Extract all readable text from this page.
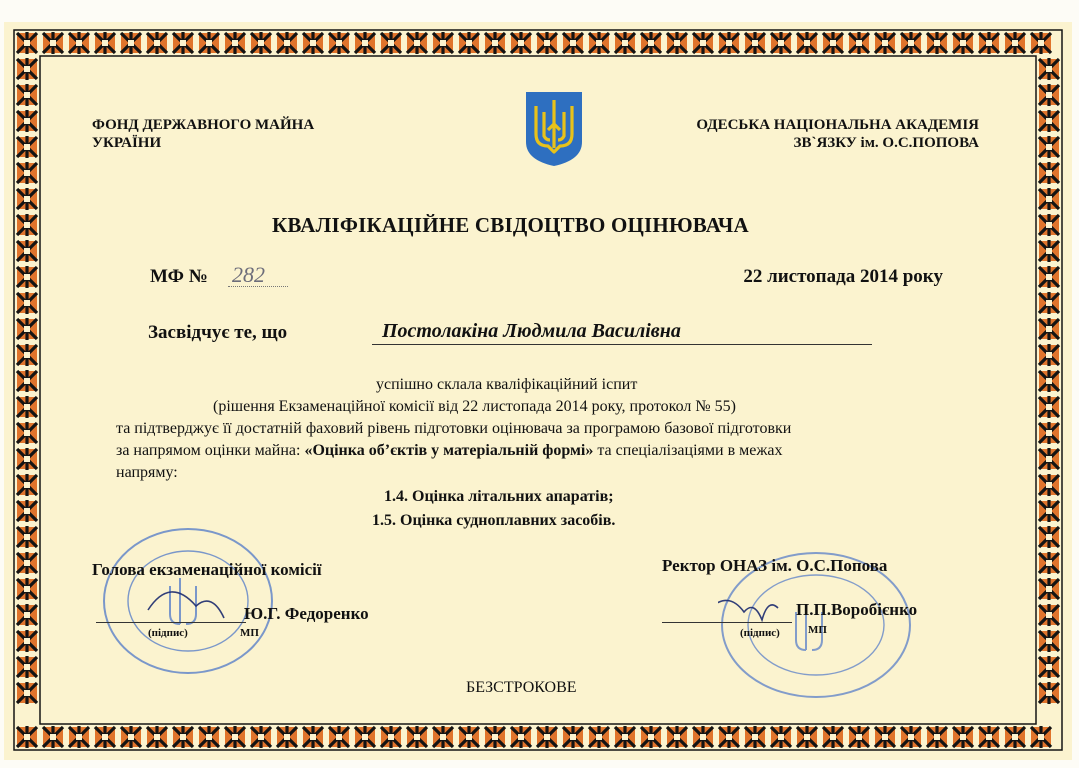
ФОНД ДЕРЖАВНОГО МАЙНА
УКРАЇНИ
ОДЕСЬКА НАЦІОНАЛЬНА АКАДЕМІЯ
ЗВ`ЯЗКУ ім. О.С.ПОПОВА
КВАЛІФІКАЦІЙНЕ СВІДОЦТВО ОЦІНЮВАЧА
МФ № 282	22 листопада 2014 року
Засвідчує те, що	Постолакіна Людмила Василівна
успішно склала кваліфікаційний іспит
(рішення Екзаменаційної комісії від 22 листопада 2014 року, протокол № 55)
та підтверджує її достатній фаховий рівень підготовки оцінювача за програмою базової підготовки
за напрямом оцінки майна: «Оцінка об’єктів у матеріальній формі» та спеціалізаціями в межах
напряму:
1.4. Оцінка літальних апаратів;
1.5. Оцінка судноплавних засобів.
Голова екзаменаційної комісії
Ю.Г. Федоренко
(підпис)	МП
Ректор ОНАЗ ім. О.С.Попова
П.П.Воробієнко
(підпис)	МП
БЕЗСТРОКОВЕ
